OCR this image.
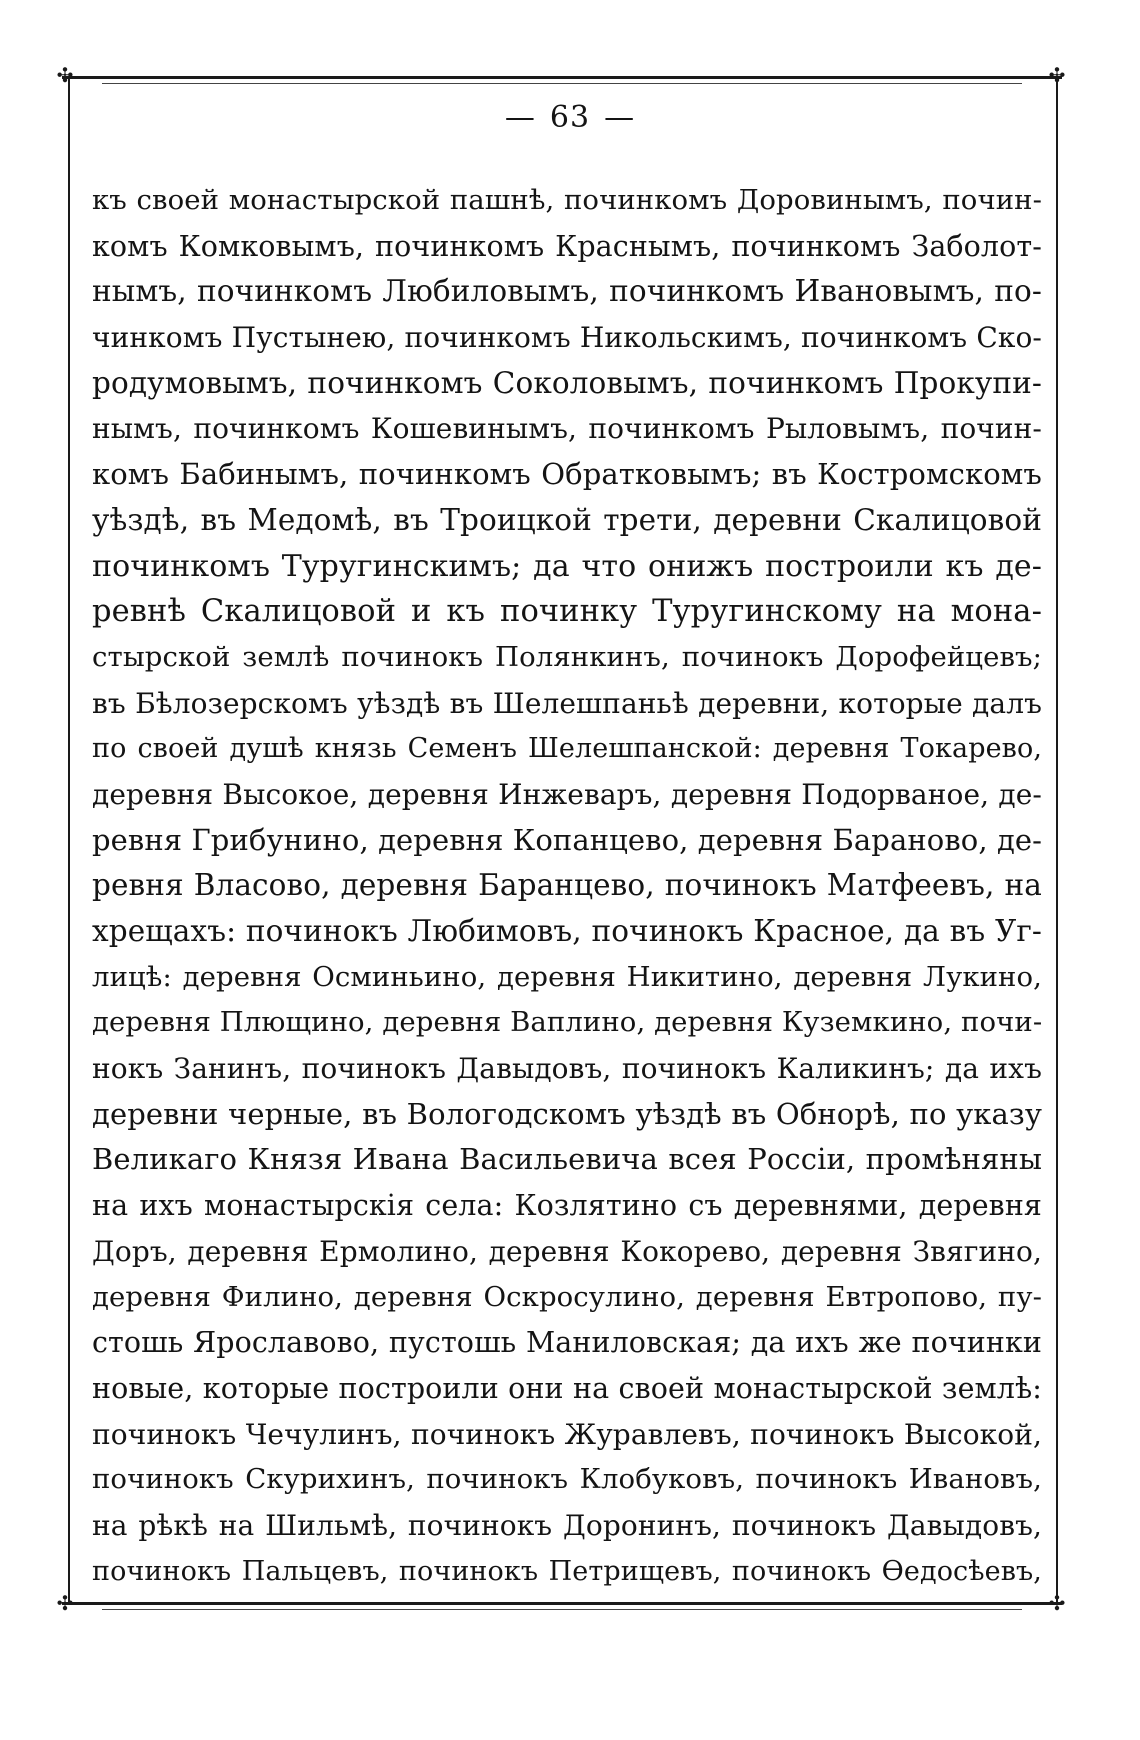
✣	✣
✣	✣
— 63 —
къ своей монастырской пашнѣ, починкомъ Доровинымъ, почин-
комъ Комковымъ, починкомъ Краснымъ, починкомъ Заболот-
нымъ, починкомъ Любиловымъ, починкомъ Ивановымъ, по-
чинкомъ Пустынею, починкомъ Никольскимъ, починкомъ Ско-
родумовымъ, починкомъ Соколовымъ, починкомъ Прокупи-
нымъ, починкомъ Кошевинымъ, починкомъ Рыловымъ, почин-
комъ Бабинымъ, починкомъ Обратковымъ; въ Костромскомъ
уѣздѣ, въ Медомѣ, въ Троицкой трети, деревни Скалицовой
починкомъ Туругинскимъ; да что онижъ построили къ де-
ревнѣ Скалицовой и къ починку Туругинскому на мона-
стырской землѣ починокъ Полянкинъ, починокъ Дорофейцевъ;
въ Бѣлозерскомъ уѣздѣ въ Шелешпаньѣ деревни, которые далъ
по своей душѣ князь Семенъ Шелешпанской: деревня Токарево,
деревня Высокое, деревня Инжеваръ, деревня Подорваное, де-
ревня Грибунино, деревня Копанцево, деревня Бараново, де-
ревня Власово, деревня Баранцево, починокъ Матфеевъ, на
хрещахъ: починокъ Любимовъ, починокъ Красное, да въ Уг-
лицѣ: деревня Осминьино, деревня Никитино, деревня Лукино,
деревня Плющино, деревня Ваплино, деревня Куземкино, почи-
нокъ Занинъ, починокъ Давыдовъ, починокъ Каликинъ; да ихъ
деревни черные, въ Вологодскомъ уѣздѣ въ Обнорѣ, по указу
Великаго Князя Ивана Васильевича всея Россіи, промѣняны
на ихъ монастырскія села: Козлятино съ деревнями, деревня
Доръ, деревня Ермолино, деревня Кокорево, деревня Звягино,
деревня Филино, деревня Оскросулино, деревня Евтропово, пу-
стошь Ярославово, пустошь Маниловская; да ихъ же починки
новые, которые построили они на своей монастырской землѣ:
починокъ Чечулинъ, починокъ Журавлевъ, починокъ Высокой,
починокъ Скурихинъ, починокъ Клобуковъ, починокъ Ивановъ,
на рѣкѣ на Шильмѣ, починокъ Доронинъ, починокъ Давыдовъ,
починокъ Пальцевъ, починокъ Петрищевъ, починокъ Ѳедосѣевъ,
